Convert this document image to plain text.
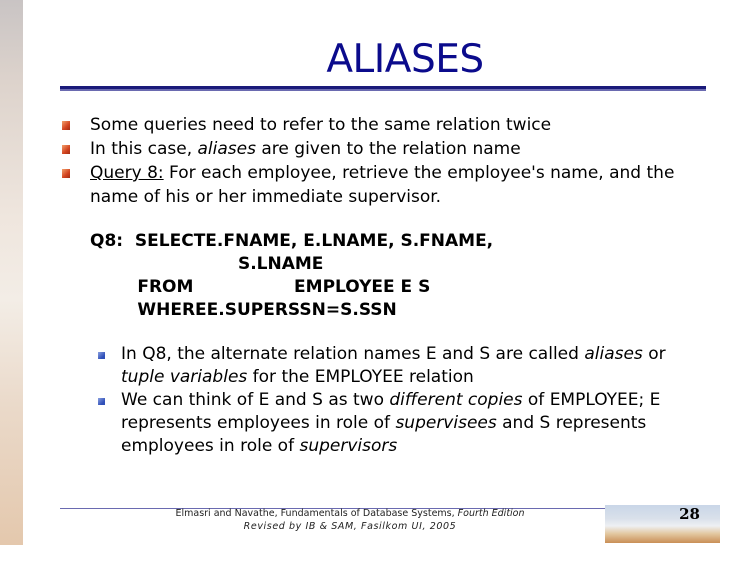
ALIASES
Some queries need to refer to the same relation twice
In this case, aliases are given to the relation name
Query 8: For each employee, retrieve the employee's name, and the
name of his or her immediate supervisor.
Q8:  SELECTE.FNAME, E.LNAME, S.FNAME,
S.LNAME
FROM                 EMPLOYEE E S
WHEREE.SUPERSSN=S.SSN
In Q8, the alternate relation names E and S are called aliases or
tuple variables for the EMPLOYEE relation
We can think of E and S as two different copies of EMPLOYEE; E
represents employees in role of supervisees and S represents
employees in role of supervisors
Elmasri and Navathe, Fundamentals of Database Systems, Fourth Edition
Revised by IB & SAM, Fasilkom UI, 2005
28
